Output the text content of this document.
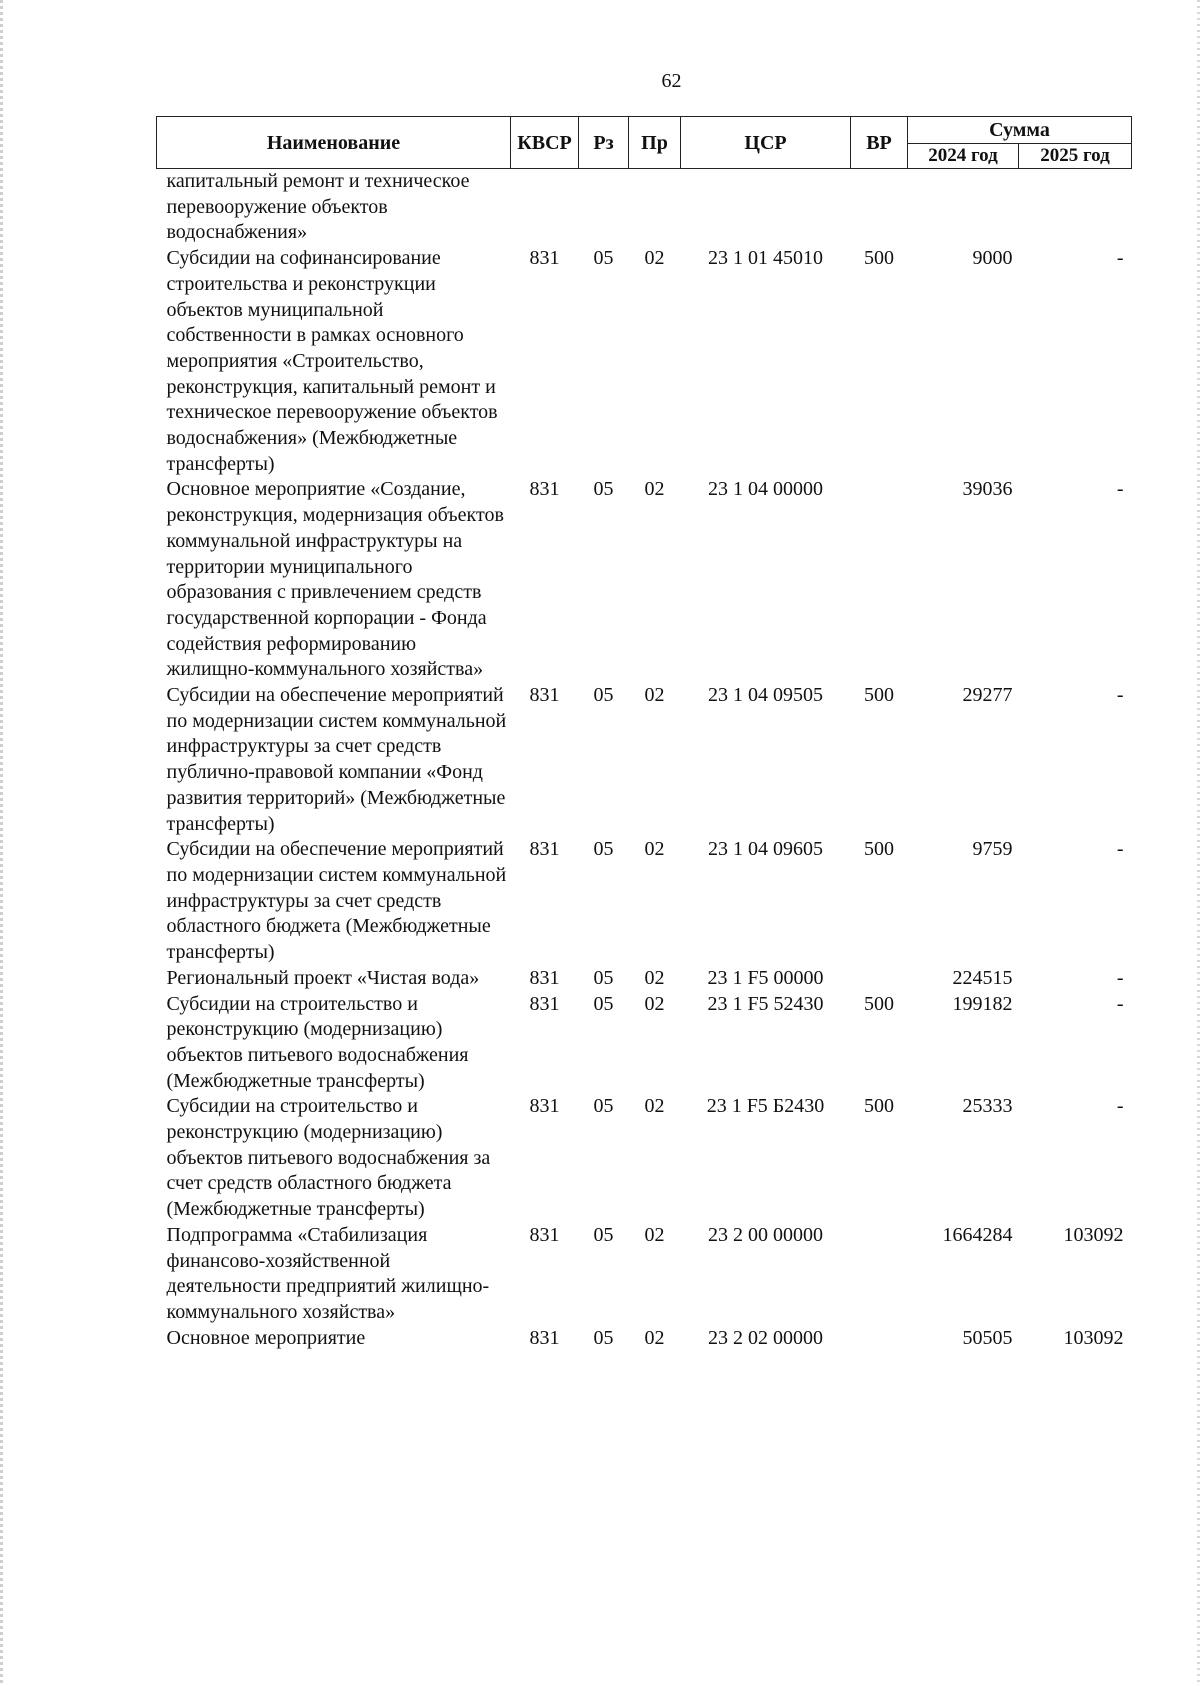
62
Наименование	КВСР	Рз	Пр	ЦСР	ВР	Сумма	
						2024 год	2025 год
капитальный ремонт и техническое перевооружение объектов водоснабжения»							
Субсидии на софинансирование строительства и реконструкции объектов муниципальной собственности в рамках основного мероприятия «Строительство, реконструкция, капитальный ремонт и техническое перевооружение объектов водоснабжения» (Межбюджетные трансферты)	831	05	02	23 1 01 45010	500	9000	-
Основное мероприятие «Создание, реконструкция, модернизация объектов коммунальной инфраструктуры на территории муниципального образования с привлечением средств государственной корпорации - Фонда содействия реформированию жилищно-коммунального хозяйства»	831	05	02	23 1 04 00000		39036	-
Субсидии на обеспечение мероприятий по модернизации систем коммунальной инфраструктуры за счет средств публично-правовой компании «Фонд развития территорий» (Межбюджетные трансферты)	831	05	02	23 1 04 09505	500	29277	-
Субсидии на обеспечение мероприятий по модернизации систем коммунальной инфраструктуры за счет средств областного бюджета (Межбюджетные трансферты)	831	05	02	23 1 04 09605	500	9759	-
Региональный проект «Чистая вода»	831	05	02	23 1 F5 00000		224515	-
Субсидии на строительство и реконструкцию (модернизацию) объектов питьевого водоснабжения (Межбюджетные трансферты)	831	05	02	23 1 F5 52430	500	199182	-
Субсидии на строительство и реконструкцию (модернизацию) объектов питьевого водоснабжения за счет средств областного бюджета (Межбюджетные трансферты)	831	05	02	23 1 F5 Б2430	500	25333	-
Подпрограмма «Стабилизация финансово-хозяйственной деятельности предприятий жилищно-коммунального хозяйства»	831	05	02	23 2 00 00000		1664284	103092
Основное мероприятие	831	05	02	23 2 02 00000		50505	103092
